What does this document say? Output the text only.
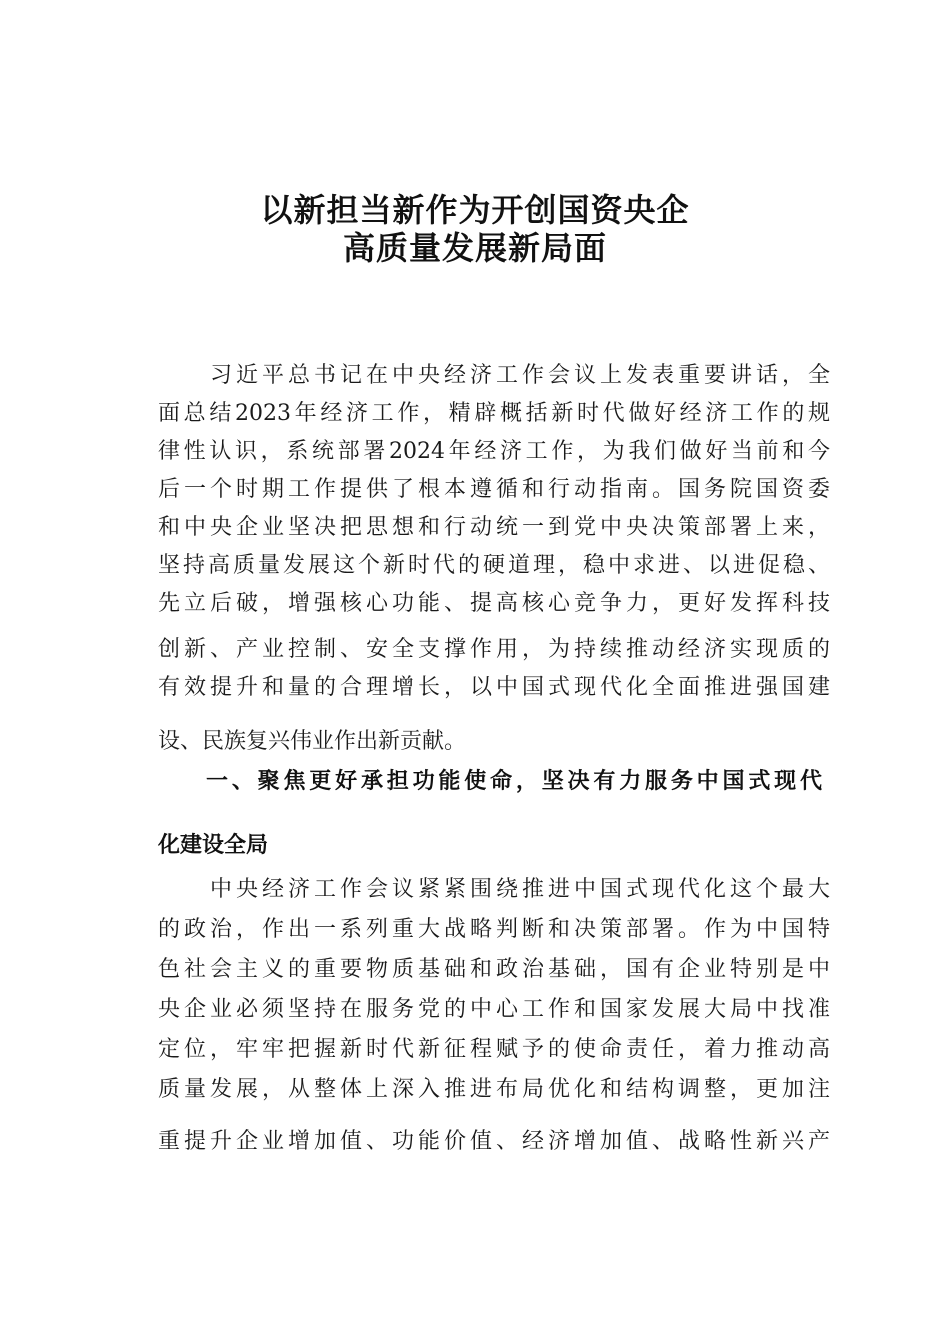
以新担当新作为开创国资央企
高质量发展新局面
习近平总书记在中央经济工作会议上发表重要讲话，全
面总结2023年经济工作，精辟概括新时代做好经济工作的规
律性认识，系统部署2024年经济工作，为我们做好当前和今
后一个时期工作提供了根本遵循和行动指南。国务院国资委
和中央企业坚决把思想和行动统一到党中央决策部署上来，
坚持高质量发展这个新时代的硬道理，稳中求进、以进促稳、
先立后破，增强核心功能、提高核心竞争力，更好发挥科技
创新、产业控制、安全支撑作用，为持续推动经济实现质的
有效提升和量的合理增长，以中国式现代化全面推进强国建
设、民族复兴伟业作出新贡献。
一、聚焦更好承担功能使命，坚决有力服务中国式现代
化建设全局
中央经济工作会议紧紧围绕推进中国式现代化这个最大
的政治，作出一系列重大战略判断和决策部署。作为中国特
色社会主义的重要物质基础和政治基础，国有企业特别是中
央企业必须坚持在服务党的中心工作和国家发展大局中找准
定位，牢牢把握新时代新征程赋予的使命责任，着力推动高
质量发展，从整体上深入推进布局优化和结构调整，更加注
重提升企业增加值、功能价值、经济增加值、战略性新兴产
